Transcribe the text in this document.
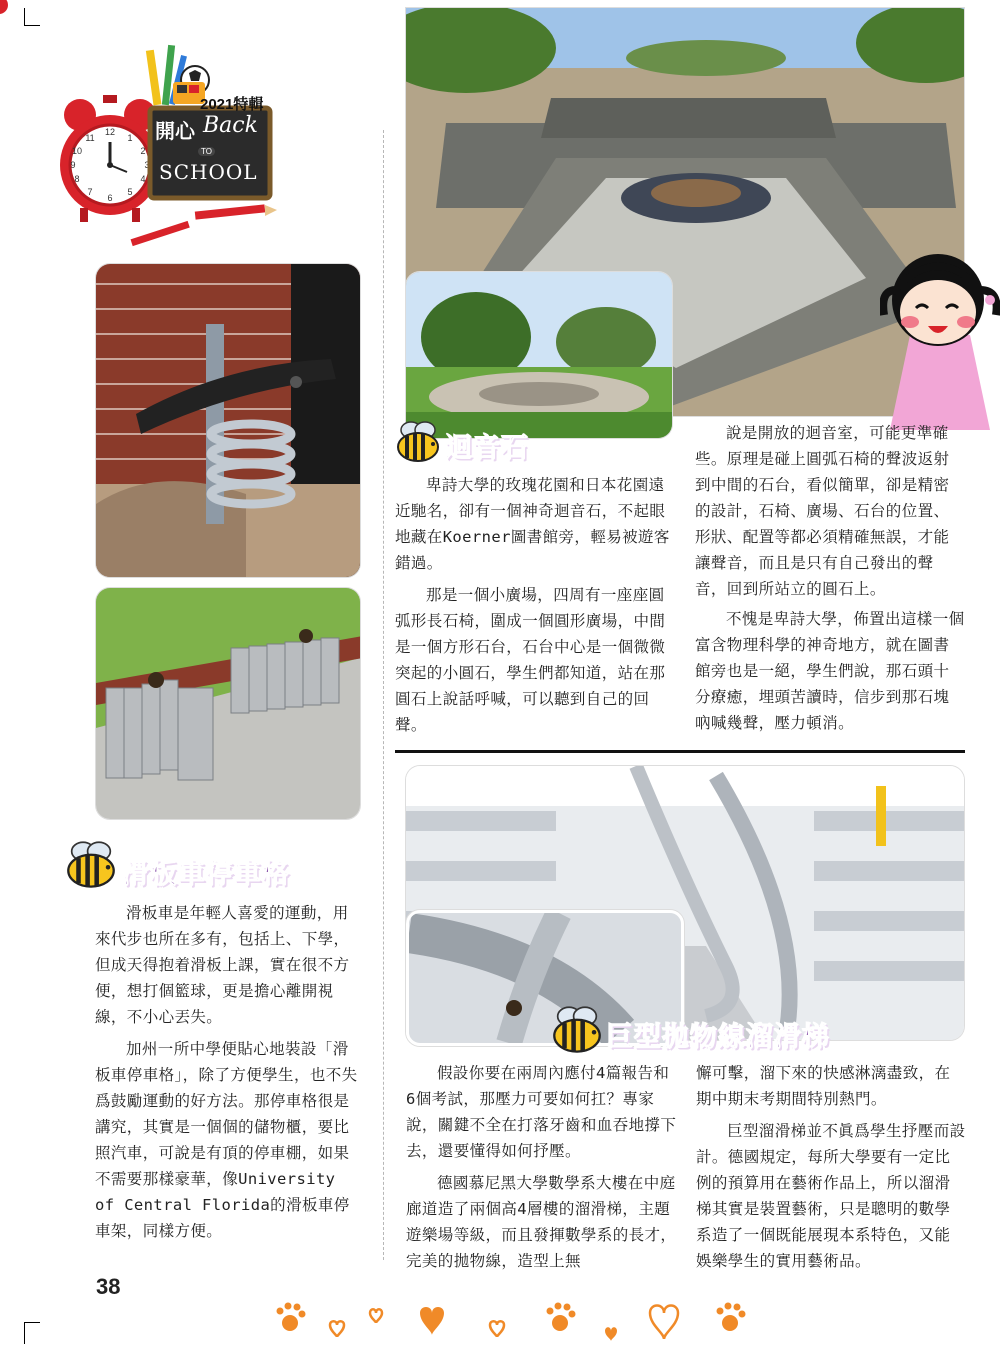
12
1
2
3
4
5
6
7
8
9
10
11
2021特輯
開心 Back
TO
SCHOOL
迴音石

卑詩大學的玫瑰花園和日本花園遠近馳名，卻有一個神奇迴音石，不起眼地藏在Koerner圖書館旁，輕易被遊客錯過。

那是一個小廣場，四周有一座座圓弧形長石椅，圍成一個圓形廣場，中間是一個方形石台，石台中心是一個微微突起的小圓石，學生們都知道，站在那圓石上說話呼喊，可以聽到自己的回聲。

說是開放的迴音室，可能更準確些。原理是碰上圓弧石椅的聲波返射到中間的石台，看似簡單，卻是精密的設計，石椅、廣場、石台的位置、形狀、配置等都必須精確無誤，才能讓聲音，而且是只有自己發出的聲音，回到所站立的圓石上。

不愧是卑詩大學，佈置出這樣一個富含物理科學的神奇地方，就在圖書館旁也是一絕，學生們說，那石頭十分療癒，埋頭苦讀時，信步到那石塊吶喊幾聲，壓力頓消。

滑板車停車格

滑板車是年輕人喜愛的運動，用來代步也所在多有，包括上、下學，但成天得抱着滑板上課，實在很不方便，想打個籃球，更是擔心離開視線，不小心丟失。

加州一所中學便貼心地裝設「滑板車停車格」，除了方便學生，也不失爲鼓勵運動的好方法。那停車格很是講究，其實是一個個的儲物櫃，要比照汽車，可說是有頂的停車棚，如果不需要那樣豪華，像University of Central Florida的滑板車停車架，同樣方便。

巨型拋物線溜滑梯

假設你要在兩周內應付4篇報告和6個考試，那壓力可要如何扛？專家說，關鍵不全在打落牙齒和血吞地撐下去，還要懂得如何抒壓。

德國慕尼黑大學數學系大樓在中庭廊道造了兩個高4層樓的溜滑梯，主題遊樂場等級，而且發揮數學系的長才，完美的拋物線，造型上無

懈可擊，溜下來的快感淋漓盡致，在期中期末考期間特別熱門。

巨型溜滑梯並不眞爲學生抒壓而設計。德國規定，每所大學要有一定比例的預算用在藝術作品上，所以溜滑梯其實是裝置藝術，只是聰明的數學系造了一個既能展現本系特色，又能娛樂學生的實用藝術品。

38
